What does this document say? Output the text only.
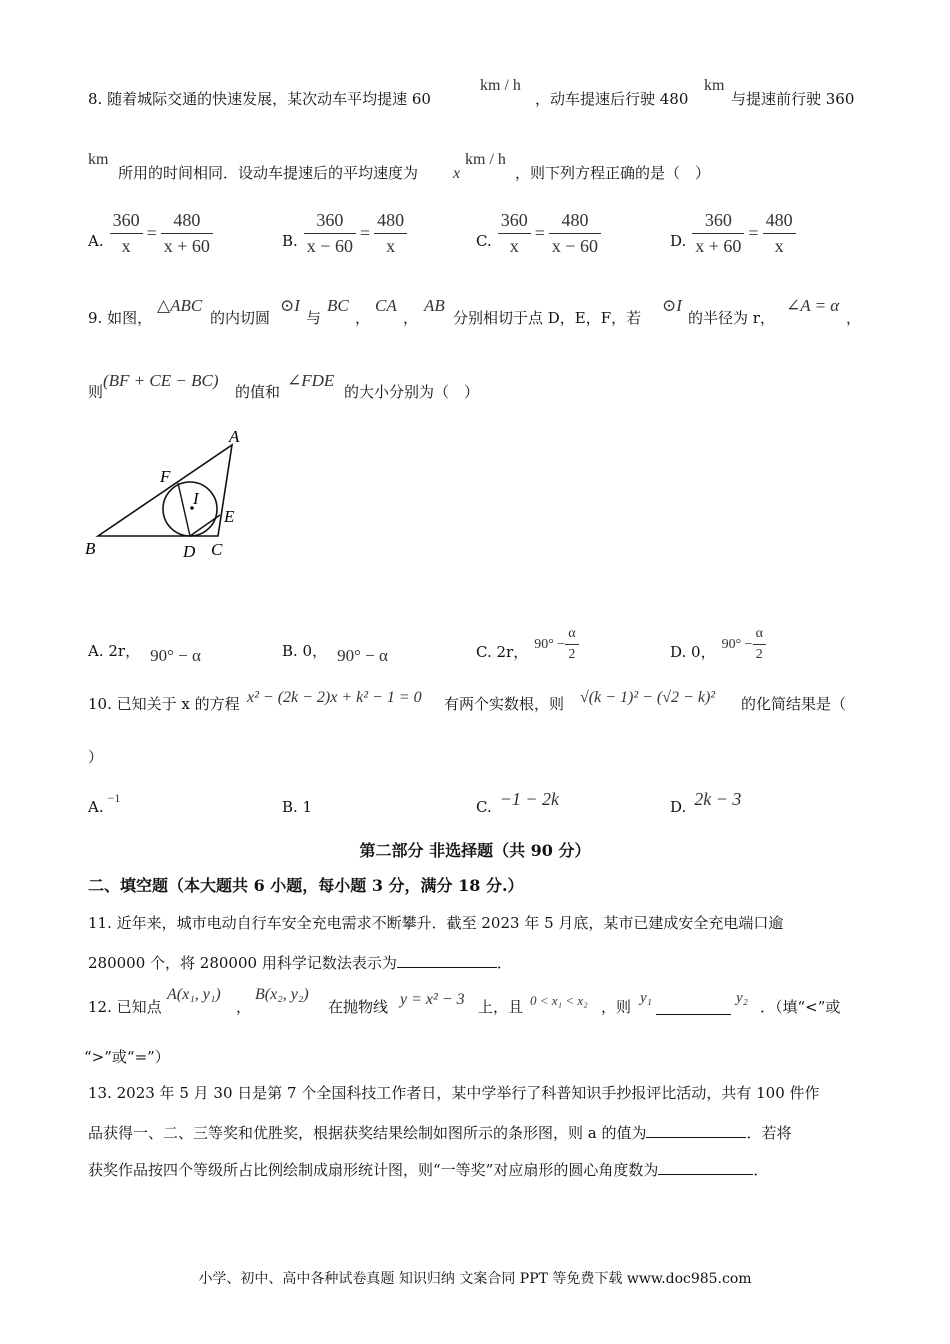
8. 随着城际交通的快速发展，某次动车平均提速 60
km / h
，动车提速后行驶 480
km
与提速前行驶 360
km
所用的时间相同．设动车提速后的平均速度为 x
km / h
，则下列方程正确的是（　）
A. $\frac{360}{x} = \frac{480}{x + 60}$	B. $\frac{360}{x - 60} = \frac{480}{x}$	C. $\frac{360}{x} = \frac{480}{x - 60}$	D. $\frac{360}{x + 60} = \frac{480}{x}$
9. 如图，
△ABC
的内切圆
⊙I
与
BC
，
CA
，
AB
分别相切于点 D，E，F，若
⊙I
的半径为 r，
∠A = α
，
则
(BF + CE − BC)
的值和
∠FDE
的大小分别为（　）
A
B	C
D
E
F
I
A. 2r， 90° − α	B. 0， 90° − α	C. 2r， $90^\circ - \frac{\alpha}{2}$	D. 0， $90^\circ - \frac{\alpha}{2}$
10. 已知关于 x 的方程 x² − (2k − 2)x + k² − 1 = 0 有两个实数根，则 √(k − 1)² − (√2 − k)² 的化简结果是（
）
A.
−1
B. 1	C. −1 − 2k	D. 2k − 3
第二部分 非选择题（共 90 分）
二、填空题（本大题共 6 小题，每小题 3 分，满分 18 分.）
11. 近年来，城市电动自行车安全充电需求不断攀升．截至 2023 年 5 月底，某市已建成安全充电端口逾
280000 个，将 280000 用科学记数法表示为	．
12. 已知点
A(x₁, y₁)
，
B(x₂, y₂)
在抛物线 y = x² − 3 上，且 0 < x₁ < x₂ ，则 y₁	y₂ ．（填“<”或
“>”或“=”）
13. 2023 年 5 月 30 日是第 7 个全国科技工作者日，某中学举行了科普知识手抄报评比活动，共有 100 件作
品获得一、二、三等奖和优胜奖，根据获奖结果绘制如图所示的条形图，则 a 的值为	．若将
获奖作品按四个等级所占比例绘制成扇形统计图，则“一等奖”对应扇形的圆心角度数为	．
小学、初中、高中各种试卷真题 知识归纳 文案合同 PPT 等免费下载 www.doc985.com
